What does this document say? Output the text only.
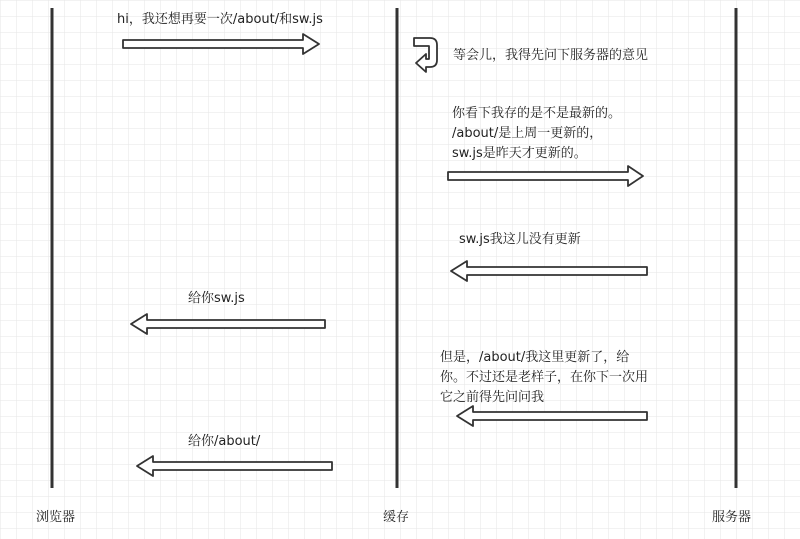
hi，我还想再要一次/about/和sw.js
等会儿，我得先问下服务器的意见
你看下我存的是不是最新的。
/about/是上周一更新的，
sw.js是昨天才更新的。
sw.js我这儿没有更新
给你sw.js
但是，/about/我这里更新了，给
你。不过还是老样子，在你下一次用
它之前得先问问我
给你/about/
浏览器	缓存	服务器
